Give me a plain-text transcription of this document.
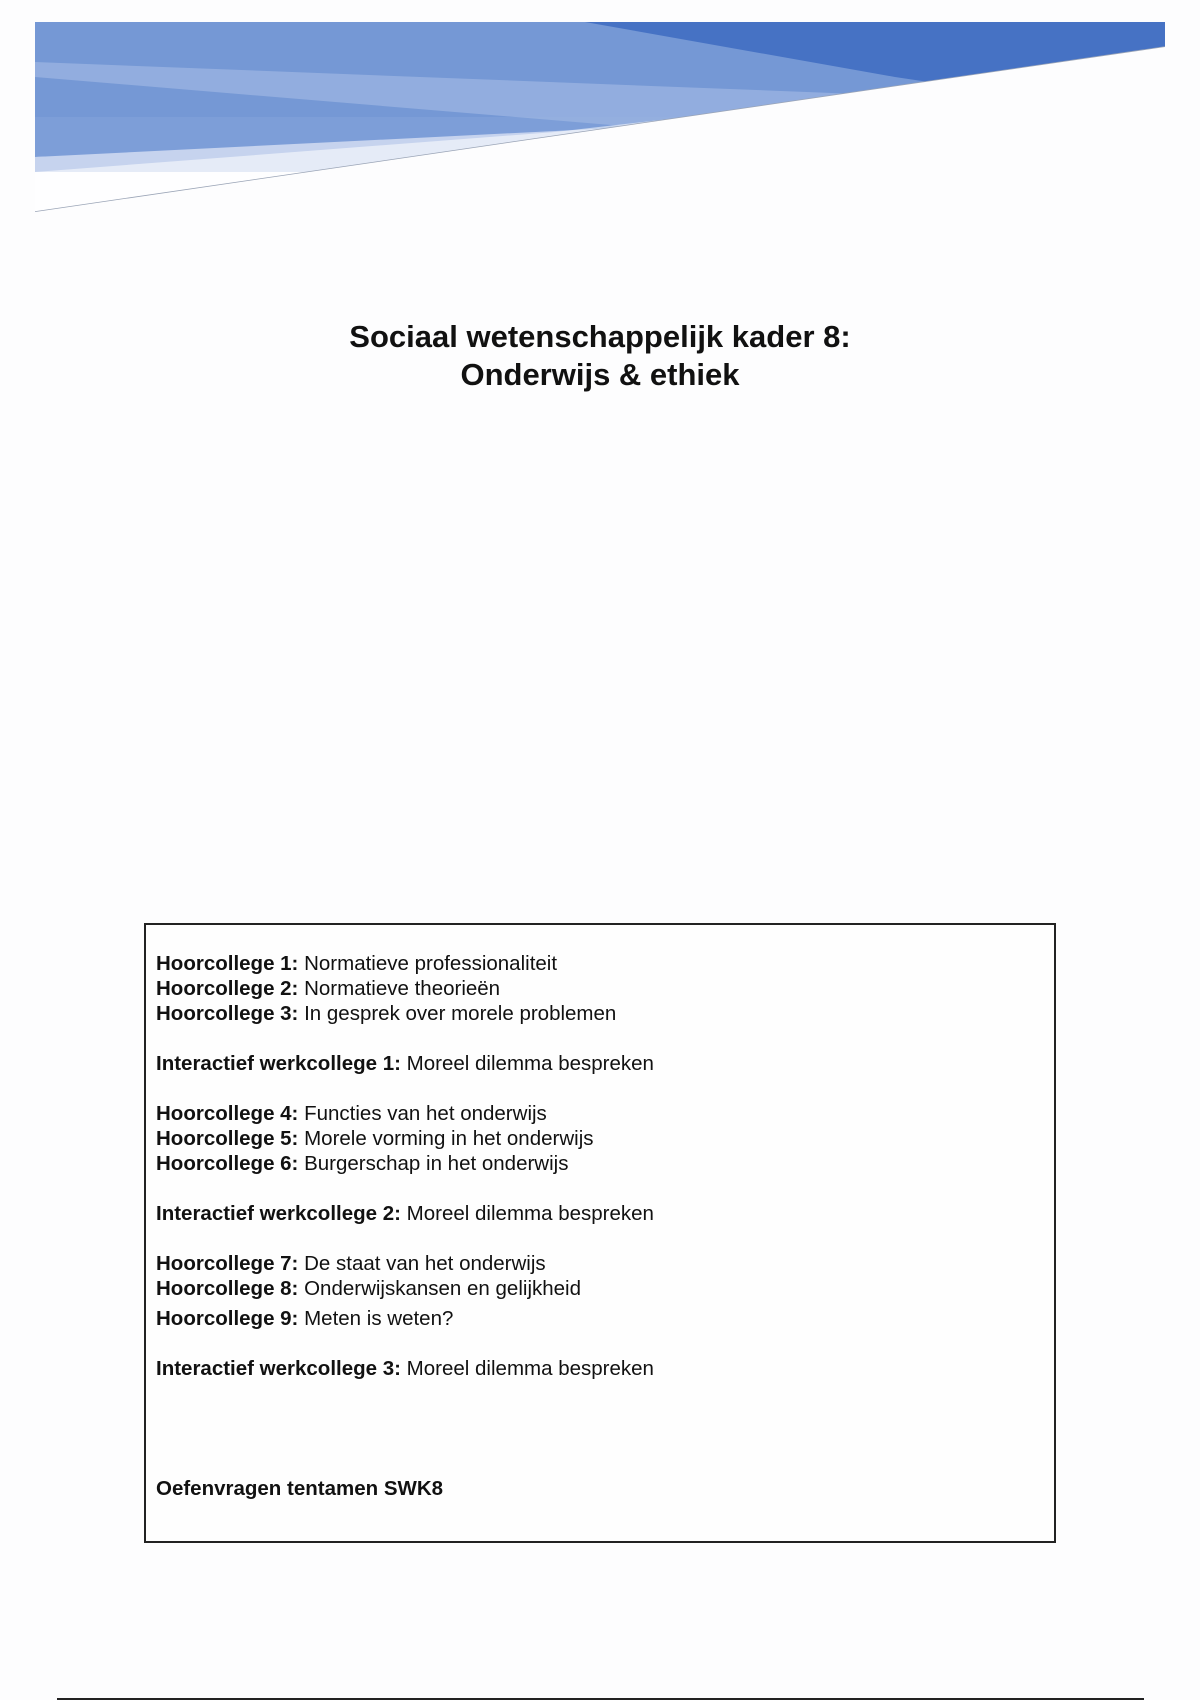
Sociaal wetenschappelijk kader 8:
Onderwijs & ethiek
Hoorcollege 1: Normatieve professionaliteit
Hoorcollege 2: Normatieve theorieën
Hoorcollege 3: In gesprek over morele problemen
Interactief werkcollege 1: Moreel dilemma bespreken
Hoorcollege 4: Functies van het onderwijs
Hoorcollege 5: Morele vorming in het onderwijs
Hoorcollege 6: Burgerschap in het onderwijs
Interactief werkcollege 2: Moreel dilemma bespreken
Hoorcollege 7: De staat van het onderwijs
Hoorcollege 8: Onderwijskansen en gelijkheid
Hoorcollege 9: Meten is weten?
Interactief werkcollege 3: Moreel dilemma bespreken
Oefenvragen tentamen SWK8
